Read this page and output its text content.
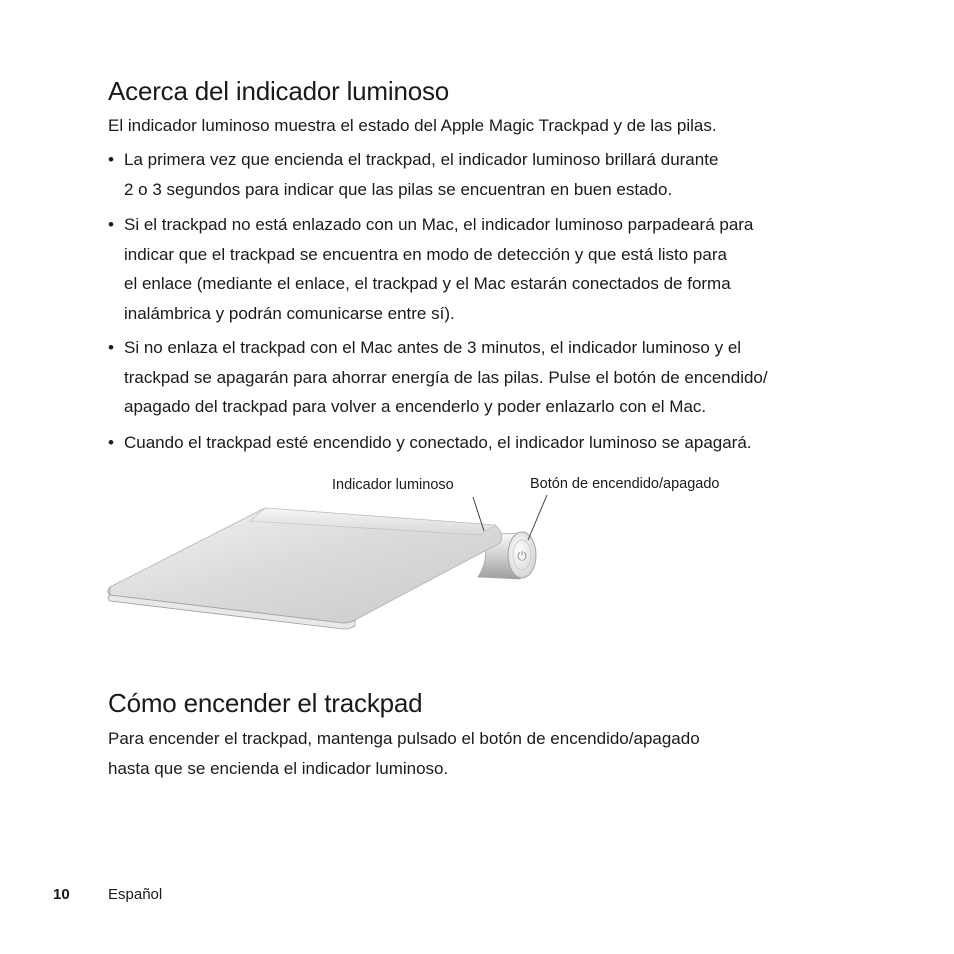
Acerca del indicador luminoso

El indicador luminoso muestra el estado del Apple Magic Trackpad y de las pilas.

• La primera vez que encienda el trackpad, el indicador luminoso brillará durante
2 o 3 segundos para indicar que las pilas se encuentran en buen estado.
• Si el trackpad no está enlazado con un Mac, el indicador luminoso parpadeará para
indicar que el trackpad se encuentra en modo de detección y que está listo para
el enlace (mediante el enlace, el trackpad y el Mac estarán conectados de forma
inalámbrica y podrán comunicarse entre sí).
• Si no enlaza el trackpad con el Mac antes de 3 minutos, el indicador luminoso y el
trackpad se apagarán para ahorrar energía de las pilas. Pulse el botón de encendido/
apagado del trackpad para volver a encenderlo y poder enlazarlo con el Mac.
• Cuando el trackpad esté encendido y conectado, el indicador luminoso se apagará.
Indicador luminoso	Botón de encendido/apagado
⏻
Cómo encender el trackpad

Para encender el trackpad, mantenga pulsado el botón de encendido/apagado

hasta que se encienda el indicador luminoso.

10	Español
